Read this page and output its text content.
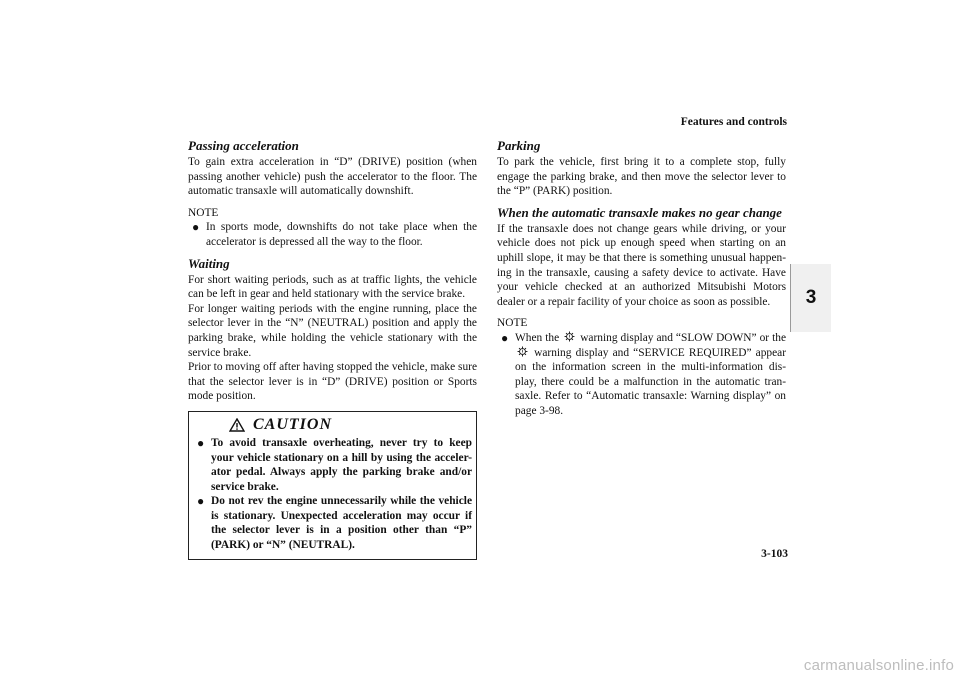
Features and controls
3
Passing acceleration

To gain extra acceleration in “D” (DRIVE) position (when passing another vehicle) push the accelerator to the floor. The automatic transaxle will automatically downshift.

NOTE
● In sports mode, downshifts do not take place when the accelerator is depressed all the way to the floor.
Waiting

For short waiting periods, such as at traffic lights, the vehicle can be left in gear and held stationary with the service brake.

For longer waiting periods with the engine running, place the selector lever in the “N” (NEUTRAL) position and apply the parking brake, while holding the vehicle stationary with the service brake.

Prior to moving off after having stopped the vehicle, make sure that the selector lever is in “D” (DRIVE) position or Sports mode position.

CAUTION
● To avoid transaxle overheating, never try to keep your vehicle stationary on a hill by using the acceler-ator pedal. Always apply the parking brake and/or service brake.
● Do not rev the engine unnecessarily while the vehicle is stationary. Unexpected acceleration may occur if the selector lever is in a position other than “P” (PARK) or “N” (NEUTRAL).
Parking

To park the vehicle, first bring it to a complete stop, fully engage the parking brake, and then move the selector lever to the “P” (PARK) position.

When the automatic transaxle makes no gear change

If the transaxle does not change gears while driving, or your vehicle does not pick up enough speed when starting on an uphill slope, it may be that there is something unusual happen-ing in the transaxle, causing a safety device to activate. Have your vehicle checked at an authorized Mitsubishi Motors dealer or a repair facility of your choice as soon as possible.

NOTE
● When the warning display and “SLOW DOWN” or the  warning display and “SERVICE REQUIRED” appear on the information screen in the multi-information dis-play, there could be a malfunction in the automatic tran-saxle. Refer to “Automatic transaxle: Warning display” on page 3-98.
3-103
carmanualsonline.info
